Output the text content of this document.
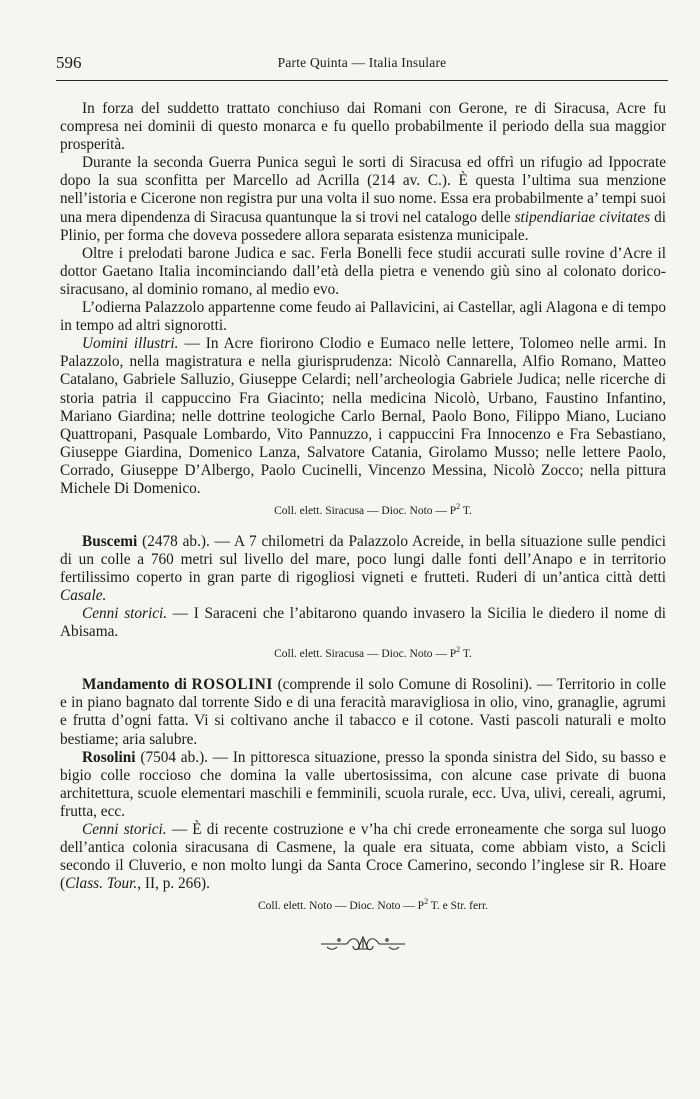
596	Parte Quinta — Italia Insulare

In forza del suddetto trattato conchiuso dai Romani con Gerone, re di Siracusa, Acre fu compresa nei dominii di questo monarca e fu quello probabilmente il periodo della sua maggior prosperità.

Durante la seconda Guerra Punica seguì le sorti di Siracusa ed offrì un rifugio ad Ippocrate dopo la sua sconfitta per Marcello ad Acrilla (214 av. C.). È questa l’ultima sua menzione nell’istoria e Cicerone non registra pur una volta il suo nome. Essa era probabilmente a’ tempi suoi una mera dipendenza di Siracusa quantunque la si trovi nel catalogo delle stipendiariae civitates di Plinio, per forma che doveva possedere allora separata esistenza municipale.

Oltre i prelodati barone Judica e sac. Ferla Bonelli fece studii accurati sulle rovine d’Acre il dottor Gaetano Italia incominciando dall’età della pietra e venendo giù sino al colonato dorico-siracusano, al dominio romano, al medio evo.

L’odierna Palazzolo appartenne come feudo ai Pallavicini, ai Castellar, agli Alagona e di tempo in tempo ad altri signorotti.

Uomini illustri. — In Acre fiorirono Clodio e Eumaco nelle lettere, Tolomeo nelle armi. In Palazzolo, nella magistratura e nella giurisprudenza: Nicolò Cannarella, Alfio Romano, Matteo Catalano, Gabriele Salluzio, Giuseppe Celardi; nell’archeologia Gabriele Judica; nelle ricerche di storia patria il cappuccino Fra Giacinto; nella medicina Nicolò, Urbano, Faustino Infantino, Mariano Giardina; nelle dottrine teologiche Carlo Bernal, Paolo Bono, Filippo Miano, Luciano Quattropani, Pasquale Lombardo, Vito Pannuzzo, i cappuccini Fra Innocenzo e Fra Sebastiano, Giuseppe Giardina, Domenico Lanza, Salvatore Catania, Girolamo Musso; nelle lettere Paolo, Corrado, Giuseppe D’Albergo, Paolo Cucinelli, Vincenzo Messina, Nicolò Zocco; nella pittura Michele Di Domenico.

Coll. elett. Siracusa — Dioc. Noto — $P^2$ T.

Buscemi (2478 ab.). — A 7 chilometri da Palazzolo Acreide, in bella situazione sulle pendici di un colle a 760 metri sul livello del mare, poco lungi dalle fonti dell’Anapo e in territorio fertilissimo coperto in gran parte di rigogliosi vigneti e frutteti. Ruderi di un’antica città detti Casale.

Cenni storici. — I Saraceni che l’abitarono quando invasero la Sicilia le diedero il nome di Abisama.

Coll. elett. Siracusa — Dioc. Noto — $P^2$ T.

Mandamento di ROSOLINI (comprende il solo Comune di Rosolini). — Territorio in colle e in piano bagnato dal torrente Sido e di una feracità maravigliosa in olio, vino, granaglie, agrumi e frutta d’ogni fatta. Vi si coltivano anche il tabacco e il cotone. Vasti pascoli naturali e molto bestiame; aria salubre.

Rosolini (7504 ab.). — In pittoresca situazione, presso la sponda sinistra del Sido, su basso e bigio colle roccioso che domina la valle ubertosissima, con alcune case private di buona architettura, scuole elementari maschili e femminili, scuola rurale, ecc. Uva, ulivi, cereali, agrumi, frutta, ecc.

Cenni storici. — È di recente costruzione e v’ha chi crede erroneamente che sorga sul luogo dell’antica colonia siracusana di Casmene, la quale era situata, come abbiam visto, a Scicli secondo il Cluverio, e non molto lungi da Santa Croce Camerino, secondo l’inglese sir R. Hoare (Class. Tour., II, p. 266).

Coll. elett. Noto — Dioc. Noto — $P^2$ T. e Str. ferr.
